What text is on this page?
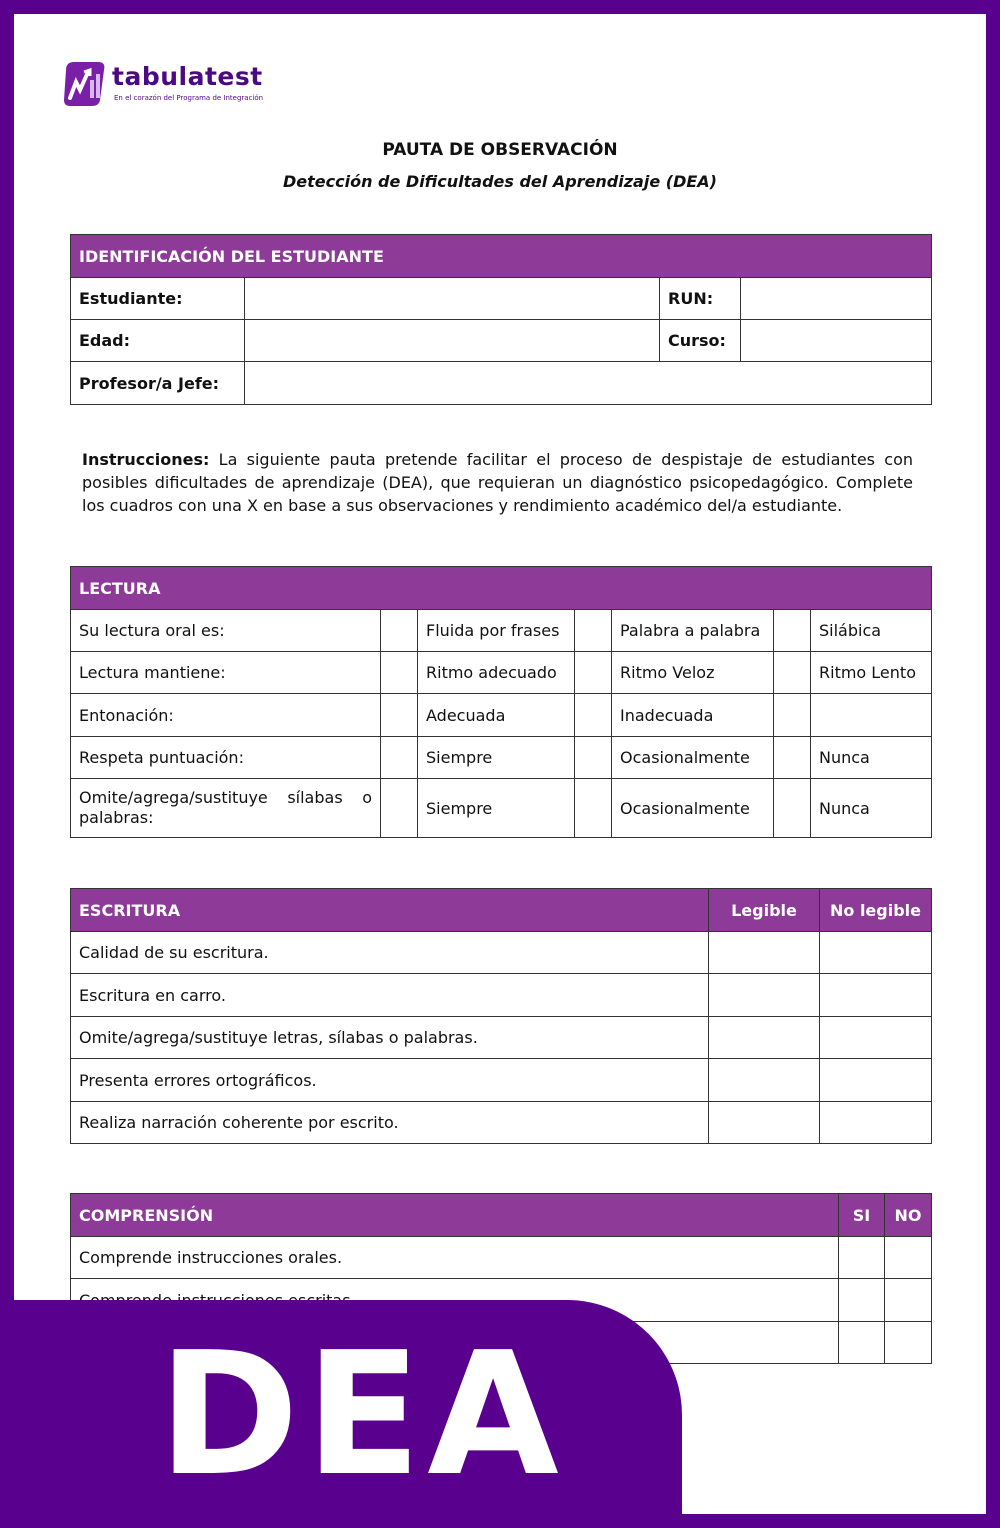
tabulatest
En el corazón del Programa de Integración
PAUTA DE OBSERVACIÓN
Detección de Dificultades del Aprendizaje (DEA)
IDENTIFICACIÓN DEL ESTUDIANTE			
Estudiante:		RUN:	
Edad:		Curso:	
Profesor/a Jefe:			
Instrucciones: La siguiente pauta pretende facilitar el proceso de despistaje de estudiantes con posibles dificultades de aprendizaje (DEA), que requieran un diagnóstico psicopedagógico. Complete los cuadros con una X en base a sus observaciones y rendimiento académico del/a estudiante.
LECTURA						
Su lectura oral es:		Fluida por frases		Palabra a palabra		Silábica
Lectura mantiene:		Ritmo adecuado		Ritmo Veloz		Ritmo Lento
Entonación:		Adecuada		Inadecuada		
Respeta puntuación:		Siempre		Ocasionalmente		Nunca
Omite/agrega/sustituye sílabas o palabras:		Siempre		Ocasionalmente		Nunca
ESCRITURA	Legible	No legible
Calidad de su escritura.		
Escritura en carro.		
Omite/agrega/sustituye letras, sílabas o palabras.		
Presenta errores ortográficos.		
Realiza narración coherente por escrito.		
COMPRENSIÓN	SI	NO
Comprende instrucciones orales.		

DEA
